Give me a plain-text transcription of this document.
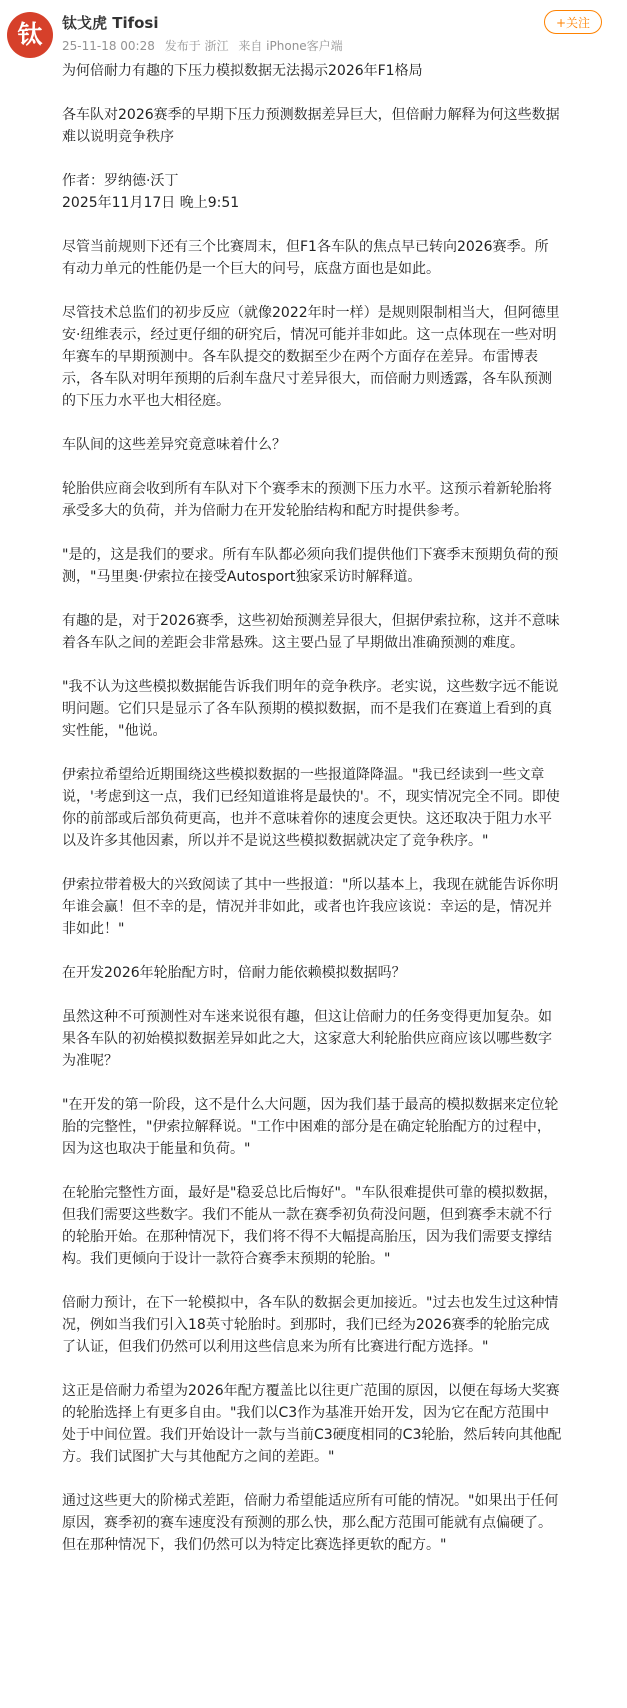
钛	钛戈虎 Tifosi
25-11-18 00:28 发布于 浙江 来自 iPhone客户端
+关注

为何倍耐力有趣的下压力模拟数据无法揭示2026年F1格局

各车队对2026赛季的早期下压力预测数据差异巨大，但倍耐力解释为何这些数据难以说明竞争秩序

作者：罗纳德·沃丁

2025年11月17日 晚上9:51

尽管当前规则下还有三个比赛周末，但F1各车队的焦点早已转向2026赛季。所有动力单元的性能仍是一个巨大的问号，底盘方面也是如此。

尽管技术总监们的初步反应（就像2022年时一样）是规则限制相当大，但阿德里安·纽维表示，经过更仔细的研究后，情况可能并非如此。这一点体现在一些对明年赛车的早期预测中。各车队提交的数据至少在两个方面存在差异。布雷博表示，各车队对明年预期的后刹车盘尺寸差异很大，而倍耐力则透露，各车队预测的下压力水平也大相径庭。

车队间的这些差异究竟意味着什么？

轮胎供应商会收到所有车队对下个赛季末的预测下压力水平。这预示着新轮胎将承受多大的负荷，并为倍耐力在开发轮胎结构和配方时提供参考。

"是的，这是我们的要求。所有车队都必须向我们提供他们下赛季末预期负荷的预测，"马里奥·伊索拉在接受Autosport独家采访时解释道。

有趣的是，对于2026赛季，这些初始预测差异很大，但据伊索拉称，这并不意味着各车队之间的差距会非常悬殊。这主要凸显了早期做出准确预测的难度。

"我不认为这些模拟数据能告诉我们明年的竞争秩序。老实说，这些数字远不能说明问题。它们只是显示了各车队预期的模拟数据，而不是我们在赛道上看到的真实性能，"他说。

伊索拉希望给近期围绕这些模拟数据的一些报道降降温。"我已经读到一些文章说，'考虑到这一点，我们已经知道谁将是最快的'。不，现实情况完全不同。即使你的前部或后部负荷更高，也并不意味着你的速度会更快。这还取决于阻力水平以及许多其他因素，所以并不是说这些模拟数据就决定了竞争秩序。"

伊索拉带着极大的兴致阅读了其中一些报道："所以基本上，我现在就能告诉你明年谁会赢！但不幸的是，情况并非如此，或者也许我应该说：幸运的是，情况并非如此！"

在开发2026年轮胎配方时，倍耐力能依赖模拟数据吗？

虽然这种不可预测性对车迷来说很有趣，但这让倍耐力的任务变得更加复杂。如果各车队的初始模拟数据差异如此之大，这家意大利轮胎供应商应该以哪些数字为准呢？

"在开发的第一阶段，这不是什么大问题，因为我们基于最高的模拟数据来定位轮胎的完整性，"伊索拉解释说。"工作中困难的部分是在确定轮胎配方的过程中，因为这也取决于能量和负荷。"

在轮胎完整性方面，最好是"稳妥总比后悔好"。"车队很难提供可靠的模拟数据，但我们需要这些数字。我们不能从一款在赛季初负荷没问题，但到赛季末就不行的轮胎开始。在那种情况下，我们将不得不大幅提高胎压，因为我们需要支撑结构。我们更倾向于设计一款符合赛季末预期的轮胎。"

倍耐力预计，在下一轮模拟中，各车队的数据会更加接近。"过去也发生过这种情况，例如当我们引入18英寸轮胎时。到那时，我们已经为2026赛季的轮胎完成了认证，但我们仍然可以利用这些信息来为所有比赛进行配方选择。"

这正是倍耐力希望为2026年配方覆盖比以往更广范围的原因，以便在每场大奖赛的轮胎选择上有更多自由。"我们以C3作为基准开始开发，因为它在配方范围中处于中间位置。我们开始设计一款与当前C3硬度相同的C3轮胎，然后转向其他配方。我们试图扩大与其他配方之间的差距。"

通过这些更大的阶梯式差距，倍耐力希望能适应所有可能的情况。"如果出于任何原因，赛季初的赛车速度没有预测的那么快，那么配方范围可能就有点偏硬了。但在那种情况下，我们仍然可以为特定比赛选择更软的配方。"
